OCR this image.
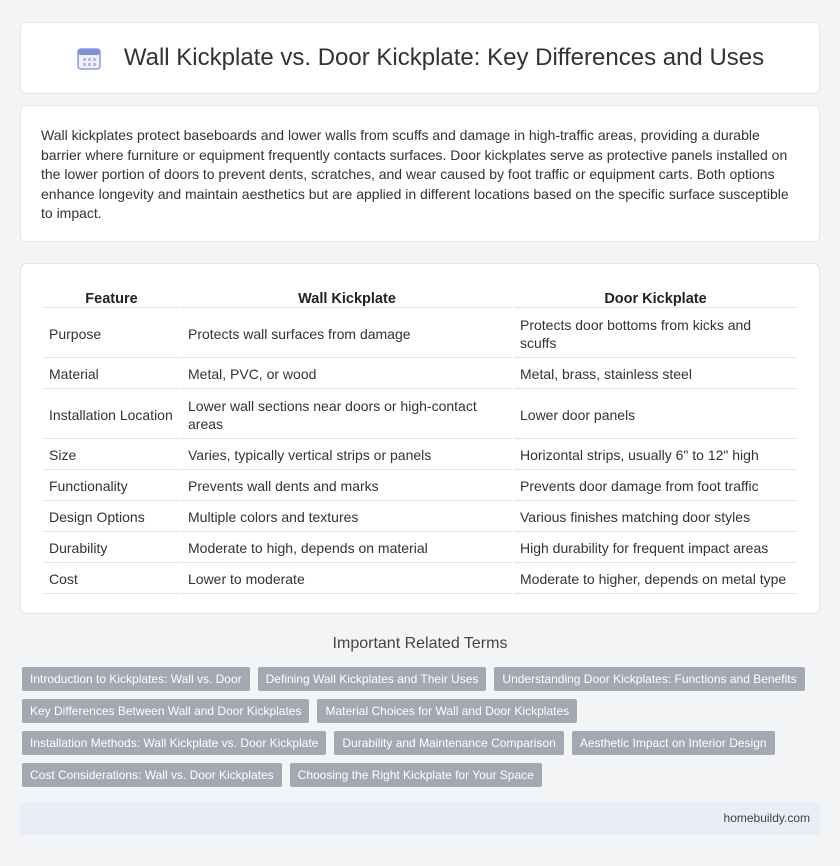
Wall Kickplate vs. Door Kickplate: Key Differences and Uses

Wall kickplates protect baseboards and lower walls from scuffs and damage in high-traffic areas, providing a durable barrier where furniture or equipment frequently contacts surfaces. Door kickplates serve as protective panels installed on the lower portion of doors to prevent dents, scratches, and wear caused by foot traffic or equipment carts. Both options enhance longevity and maintain aesthetics but are applied in different locations based on the specific surface susceptible to impact.

Feature	Wall Kickplate	Door Kickplate
Purpose	Protects wall surfaces from damage	Protects door bottoms from kicks and scuffs
Material	Metal, PVC, or wood	Metal, brass, stainless steel
Installation Location	Lower wall sections near doors or high-contact areas	Lower door panels
Size	Varies, typically vertical strips or panels	Horizontal strips, usually 6" to 12" high
Functionality	Prevents wall dents and marks	Prevents door damage from foot traffic
Design Options	Multiple colors and textures	Various finishes matching door styles
Durability	Moderate to high, depends on material	High durability for frequent impact areas
Cost	Lower to moderate	Moderate to higher, depends on metal type
Important Related Terms
Introduction to Kickplates: Wall vs. Door	Defining Wall Kickplates and Their Uses	Understanding Door Kickplates: Functions and Benefits
Key Differences Between Wall and Door Kickplates	Material Choices for Wall and Door Kickplates
Installation Methods: Wall Kickplate vs. Door Kickplate	Durability and Maintenance Comparison	Aesthetic Impact on Interior Design
Cost Considerations: Wall vs. Door Kickplates	Choosing the Right Kickplate for Your Space
homebuildy.com
